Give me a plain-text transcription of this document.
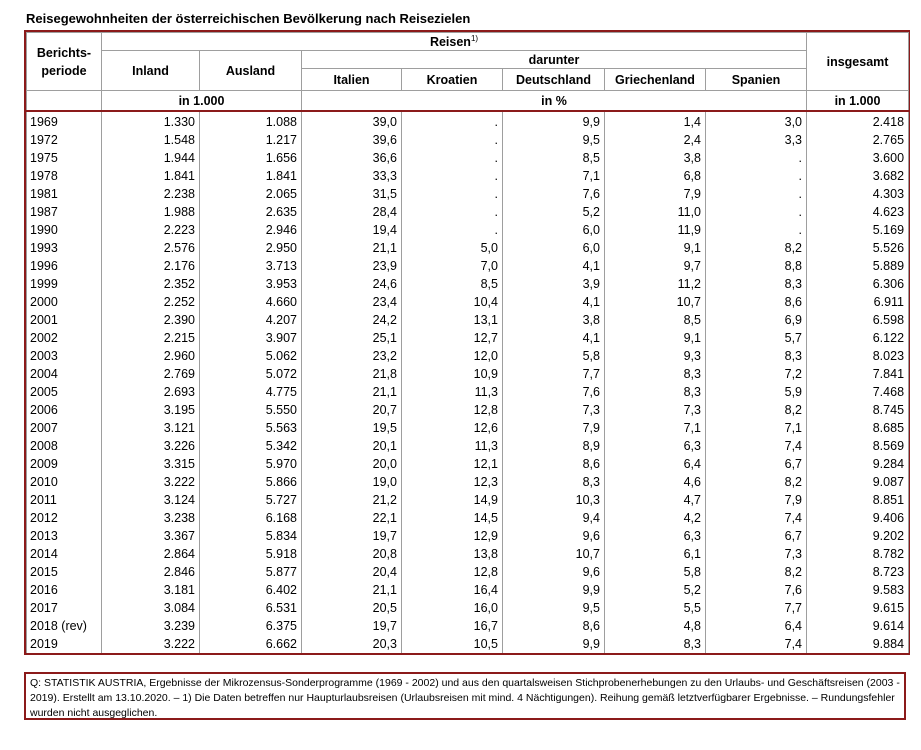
Reisegewohnheiten der österreichischen Bevölkerung nach Reisezielen
Berichts-
periode	Reisen$^{1)}$							insgesamt
	Inland	Ausland	darunter					
			Italien	Kroatien	Deutschland	Griechenland	Spanien	
	in 1.000		in %					in 1.000
1969	1.330	1.088	39,0	.	9,9	1,4	3,0	2.418
1972	1.548	1.217	39,6	.	9,5	2,4	3,3	2.765
1975	1.944	1.656	36,6	.	8,5	3,8	.	3.600
1978	1.841	1.841	33,3	.	7,1	6,8	.	3.682
1981	2.238	2.065	31,5	.	7,6	7,9	.	4.303
1987	1.988	2.635	28,4	.	5,2	11,0	.	4.623
1990	2.223	2.946	19,4	.	6,0	11,9	.	5.169
1993	2.576	2.950	21,1	5,0	6,0	9,1	8,2	5.526
1996	2.176	3.713	23,9	7,0	4,1	9,7	8,8	5.889
1999	2.352	3.953	24,6	8,5	3,9	11,2	8,3	6.306
2000	2.252	4.660	23,4	10,4	4,1	10,7	8,6	6.911
2001	2.390	4.207	24,2	13,1	3,8	8,5	6,9	6.598
2002	2.215	3.907	25,1	12,7	4,1	9,1	5,7	6.122
2003	2.960	5.062	23,2	12,0	5,8	9,3	8,3	8.023
2004	2.769	5.072	21,8	10,9	7,7	8,3	7,2	7.841
2005	2.693	4.775	21,1	11,3	7,6	8,3	5,9	7.468
2006	3.195	5.550	20,7	12,8	7,3	7,3	8,2	8.745
2007	3.121	5.563	19,5	12,6	7,9	7,1	7,1	8.685
2008	3.226	5.342	20,1	11,3	8,9	6,3	7,4	8.569
2009	3.315	5.970	20,0	12,1	8,6	6,4	6,7	9.284
2010	3.222	5.866	19,0	12,3	8,3	4,6	8,2	9.087
2011	3.124	5.727	21,2	14,9	10,3	4,7	7,9	8.851
2012	3.238	6.168	22,1	14,5	9,4	4,2	7,4	9.406
2013	3.367	5.834	19,7	12,9	9,6	6,3	6,7	9.202
2014	2.864	5.918	20,8	13,8	10,7	6,1	7,3	8.782
2015	2.846	5.877	20,4	12,8	9,6	5,8	8,2	8.723
2016	3.181	6.402	21,1	16,4	9,9	5,2	7,6	9.583
2017	3.084	6.531	20,5	16,0	9,5	5,5	7,7	9.615
2018 (rev)	3.239	6.375	19,7	16,7	8,6	4,8	6,4	9.614
2019	3.222	6.662	20,3	10,5	9,9	8,3	7,4	9.884
Q: STATISTIK AUSTRIA, Ergebnisse der Mikrozensus-Sonderprogramme (1969 - 2002) und aus den quartalsweisen Stichprobenerhebungen zu den Urlaubs- und Geschäftsreisen (2003 - 2019). Erstellt am 13.10.2020. – 1) Die Daten betreffen nur Haupturlaubsreisen (Urlaubsreisen mit mind. 4 Nächtigungen). Reihung gemäß letztverfügbarer Ergebnisse. – Rundungsfehler wurden nicht ausgeglichen.
